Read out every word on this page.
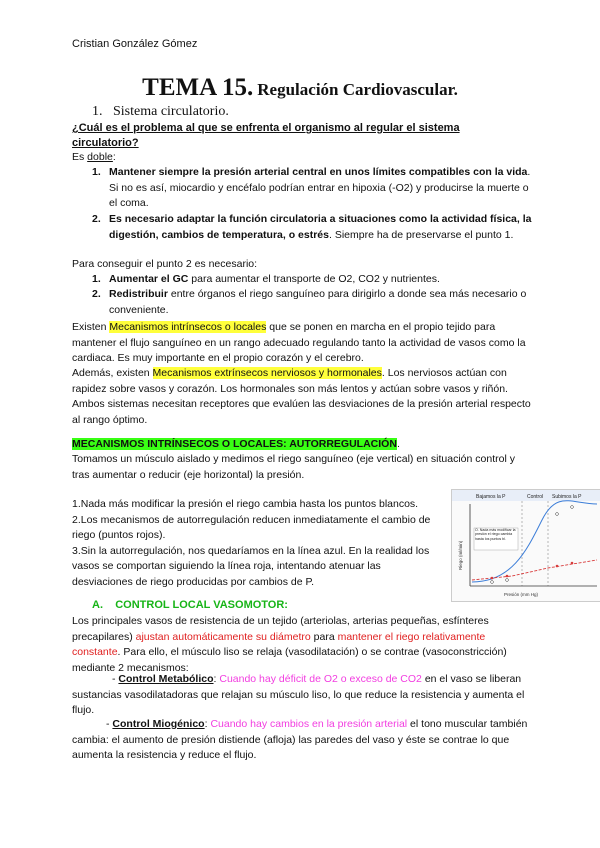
Cristian González Gómez
TEMA 15. Regulación Cardiovascular.
1. Sistema circulatorio.
¿Cuál es el problema al que se enfrenta el organismo al regular el sistema circulatorio?
Es doble:
1. Mantener siempre la presión arterial central en unos límites compatibles con la vida. Si no es así, miocardio y encéfalo podrían entrar en hipoxia (-O2) y producirse la muerte o el coma.
2. Es necesario adaptar la función circulatoria a situaciones como la actividad física, la digestión, cambios de temperatura, o estrés. Siempre ha de preservarse el punto 1.
Para conseguir el punto 2 es necesario:
1. Aumentar el GC para aumentar el transporte de O2, CO2 y nutrientes.
2. Redistribuir entre órganos el riego sanguíneo para dirigirlo a donde sea más necesario o conveniente.
Existen Mecanismos intrínsecos o locales que se ponen en marcha en el propio tejido para mantener el flujo sanguíneo en un rango adecuado regulando tanto la actividad de vasos como la cardiaca. Es muy importante en el propio corazón y el cerebro.
Además, existen Mecanismos extrínsecos nerviosos y hormonales. Los nerviosos actúan con rapidez sobre vasos y corazón. Los hormonales son más lentos y actúan sobre vasos y riñón. Ambos sistemas necesitan receptores que evalúen las desviaciones de la presión arterial respecto al rango óptimo.
MECANISMOS INTRÍNSECOS O LOCALES: AUTORREGULACIÓN.
Tomamos un músculo aislado y medimos el riego sanguíneo (eje vertical) en situación control y tras aumentar o reducir (eje horizontal) la presión.
1.Nada más modificar la presión el riego cambia hasta los puntos blancos.
2.Los mecanismos de autorregulación reducen inmediatamente el cambio de riego (puntos rojos).
3.Sin la autorregulación, nos quedaríamos en la línea azul. En la realidad los vasos se comportan siguiendo la línea roja, intentando atenuar las desviaciones de riego producidas por cambios de P.
Bajamos la P	Control Subimos la P
Riego (ml/min)
Presión (mm Hg)
O. Nada más modificar la presión el riego cambia hasta los puntos bl.
A. CONTROL LOCAL VASOMOTOR:
Los principales vasos de resistencia de un tejido (arteriolas, arterias pequeñas, esfínteres precapilares) ajustan automáticamente su diámetro para mantener el riego relativamente constante. Para ello, el músculo liso se relaja (vasodilatación) o se contrae (vasoconstricción) mediante 2 mecanismos:
- Control Metabólico: Cuando hay déficit de O2 o exceso de CO2 en el vaso se liberan sustancias vasodilatadoras que relajan su músculo liso, lo que reduce la resistencia y aumenta el flujo.
- Control Miogénico: Cuando hay cambios en la presión arterial el tono muscular también cambia: el aumento de presión distiende (afloja) las paredes del vaso y éste se contrae lo que aumenta la resistencia y reduce el flujo.
